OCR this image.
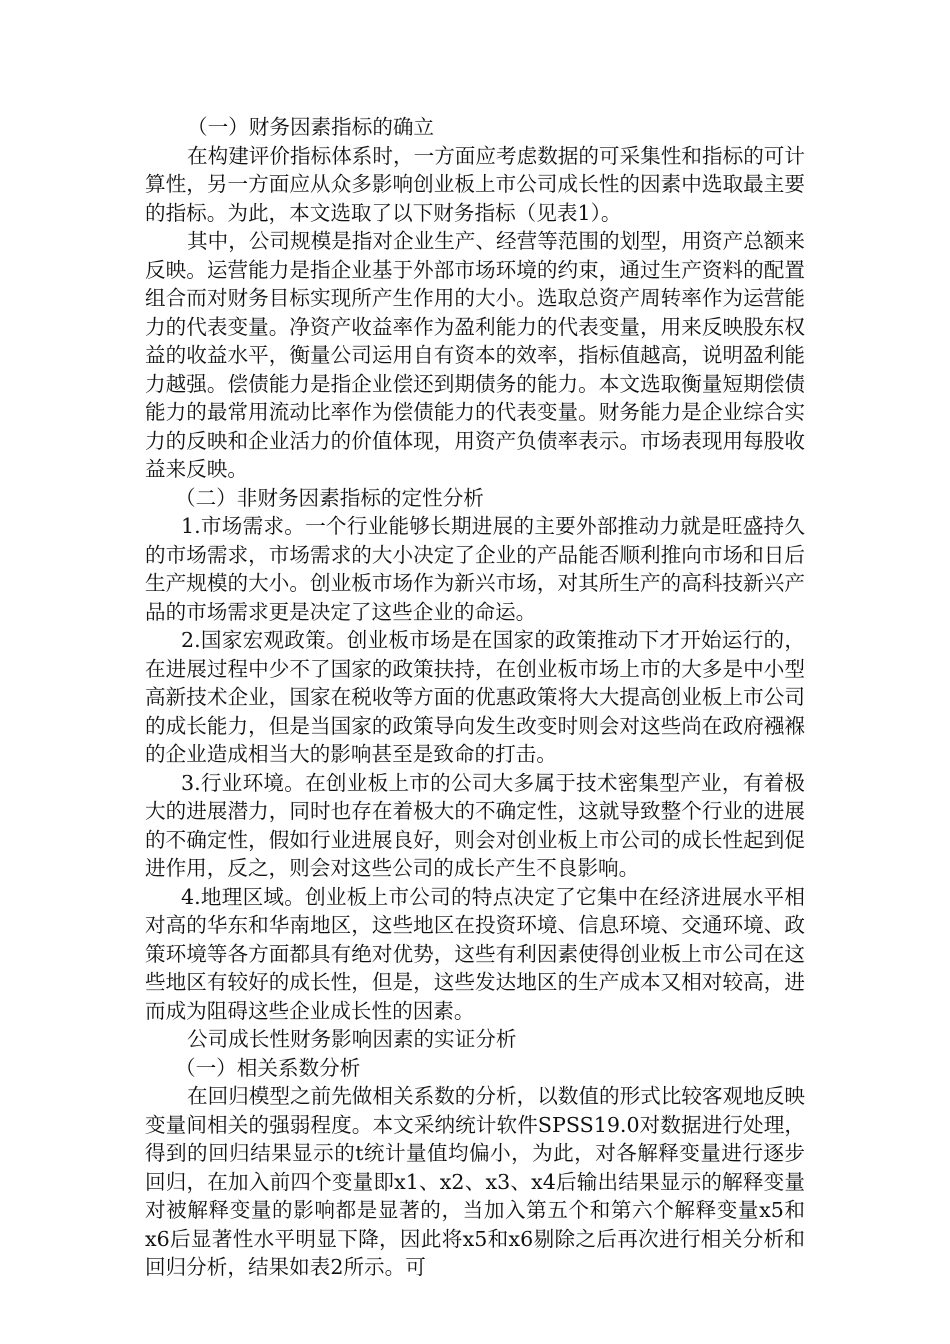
（一）财务因素指标的确立

在构建评价指标体系时，一方面应考虑数据的可采集性和指标的可计算性，另一方面应从众多影响创业板上市公司成长性的因素中选取最主要的指标。为此，本文选取了以下财务指标（见表1）。

其中，公司规模是指对企业生产、经营等范围的划型，用资产总额来反映。运营能力是指企业基于外部市场环境的约束，通过生产资料的配置组合而对财务目标实现所产生作用的大小。选取总资产周转率作为运营能力的代表变量。净资产收益率作为盈利能力的代表变量，用来反映股东权益的收益水平，衡量公司运用自有资本的效率，指标值越高，说明盈利能力越强。偿债能力是指企业偿还到期债务的能力。本文选取衡量短期偿债能力的最常用流动比率作为偿债能力的代表变量。财务能力是企业综合实力的反映和企业活力的价值体现，用资产负债率表示。市场表现用每股收益来反映。

（二）非财务因素指标的定性分析

1.市场需求。一个行业能够长期进展的主要外部推动力就是旺盛持久的市场需求，市场需求的大小决定了企业的产品能否顺利推向市场和日后生产规模的大小。创业板市场作为新兴市场，对其所生产的高科技新兴产品的市场需求更是决定了这些企业的命运。

2.国家宏观政策。创业板市场是在国家的政策推动下才开始运行的，在进展过程中少不了国家的政策扶持，在创业板市场上市的大多是中小型高新技术企业，国家在税收等方面的优惠政策将大大提高创业板上市公司的成长能力，但是当国家的政策导向发生改变时则会对这些尚在政府襁褓的企业造成相当大的影响甚至是致命的打击。

3.行业环境。在创业板上市的公司大多属于技术密集型产业，有着极大的进展潜力，同时也存在着极大的不确定性，这就导致整个行业的进展的不确定性，假如行业进展良好，则会对创业板上市公司的成长性起到促进作用，反之，则会对这些公司的成长产生不良影响。

4.地理区域。创业板上市公司的特点决定了它集中在经济进展水平相对高的华东和华南地区，这些地区在投资环境、信息环境、交通环境、政策环境等各方面都具有绝对优势，这些有利因素使得创业板上市公司在这些地区有较好的成长性，但是，这些发达地区的生产成本又相对较高，进而成为阻碍这些企业成长性的因素。

公司成长性财务影响因素的实证分析

（一）相关系数分析

在回归模型之前先做相关系数的分析，以数值的形式比较客观地反映变量间相关的强弱程度。本文采纳统计软件SPSS19.0对数据进行处理，得到的回归结果显示的t统计量值均偏小，为此，对各解释变量进行逐步回归，在加入前四个变量即x1、x2、x3、x4后输出结果显示的解释变量对被解释变量的影响都是显著的，当加入第五个和第六个解释变量x5和x6后显著性水平明显下降，因此将x5和x6剔除之后再次进行相关分析和回归分析，结果如表2所示。可
